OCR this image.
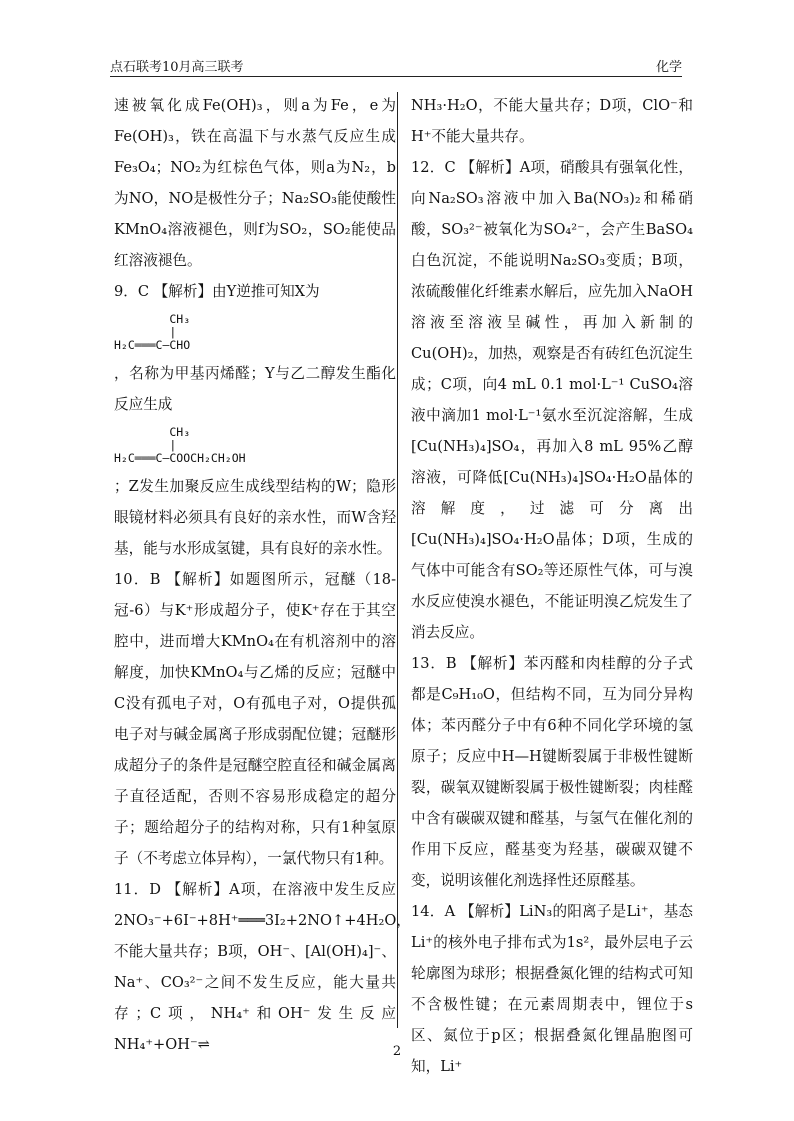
点石联考10月高三联考	化学

速被氧化成Fe(OH)₃，则a为Fe，e为Fe(OH)₃，铁在高温下与水蒸气反应生成Fe₃O₄；NO₂为红棕色气体，则a为N₂，b为NO，NO是极性分子；Na₂SO₃能使酸性KMnO₄溶液褪色，则f为SO₂，SO₂能使品红溶液褪色。

9．C 【解析】由Y逆推可知X为
CH₃
|
H₂C═══C—CHO
，名称为甲基丙烯醛；Y与乙二醇发生酯化反应生成
CH₃
|
H₂C═══C—COOCH₂CH₂OH
；Z发生加聚反应生成线型结构的W；隐形眼镜材料必须具有良好的亲水性，而W含羟基，能与水形成氢键，具有良好的亲水性。

10．B 【解析】如题图所示，冠醚（18-冠-6）与K⁺形成超分子，使K⁺存在于其空腔中，进而增大KMnO₄在有机溶剂中的溶解度，加快KMnO₄与乙烯的反应；冠醚中C没有孤电子对，O有孤电子对，O提供孤电子对与碱金属离子形成弱配位键；冠醚形成超分子的条件是冠醚空腔直径和碱金属离子直径适配，否则不容易形成稳定的超分子；题给超分子的结构对称，只有1种氢原子（不考虑立体异构），一氯代物只有1种。

11．D 【解析】A项，在溶液中发生反应2NO₃⁻+6I⁻+8H⁺═══3I₂+2NO↑+4H₂O，不能大量共存；B项，OH⁻、[Al(OH)₄]⁻、Na⁺、CO₃²⁻之间不发生反应，能大量共存；C项，NH₄⁺和OH⁻发生反应NH₄⁺+OH⁻⇌

NH₃·H₂O，不能大量共存；D项，ClO⁻和H⁺不能大量共存。

12．C 【解析】A项，硝酸具有强氧化性，向Na₂SO₃溶液中加入Ba(NO₃)₂和稀硝酸，SO₃²⁻被氧化为SO₄²⁻，会产生BaSO₄白色沉淀，不能说明Na₂SO₃变质；B项，浓硫酸催化纤维素水解后，应先加入NaOH溶液至溶液呈碱性，再加入新制的Cu(OH)₂，加热，观察是否有砖红色沉淀生成；C项，向4 mL 0.1 mol·L⁻¹ CuSO₄溶液中滴加1 mol·L⁻¹氨水至沉淀溶解，生成[Cu(NH₃)₄]SO₄，再加入8 mL 95%乙醇溶液，可降低[Cu(NH₃)₄]SO₄·H₂O晶体的溶解度，过滤可分离出[Cu(NH₃)₄]SO₄·H₂O晶体；D项，生成的气体中可能含有SO₂等还原性气体，可与溴水反应使溴水褪色，不能证明溴乙烷发生了消去反应。

13．B 【解析】苯丙醛和肉桂醇的分子式都是C₉H₁₀O，但结构不同，互为同分异构体；苯丙醛分子中有6种不同化学环境的氢原子；反应中H—H键断裂属于非极性键断裂，碳氧双键断裂属于极性键断裂；肉桂醛中含有碳碳双键和醛基，与氢气在催化剂的作用下反应，醛基变为羟基，碳碳双键不变，说明该催化剂选择性还原醛基。

14．A 【解析】LiN₃的阳离子是Li⁺，基态Li⁺的核外电子排布式为1s²，最外层电子云轮廓图为球形；根据叠氮化锂的结构式可知不含极性键；在元素周期表中，锂位于s区、氮位于p区；根据叠氮化锂晶胞图可知，Li⁺

2
